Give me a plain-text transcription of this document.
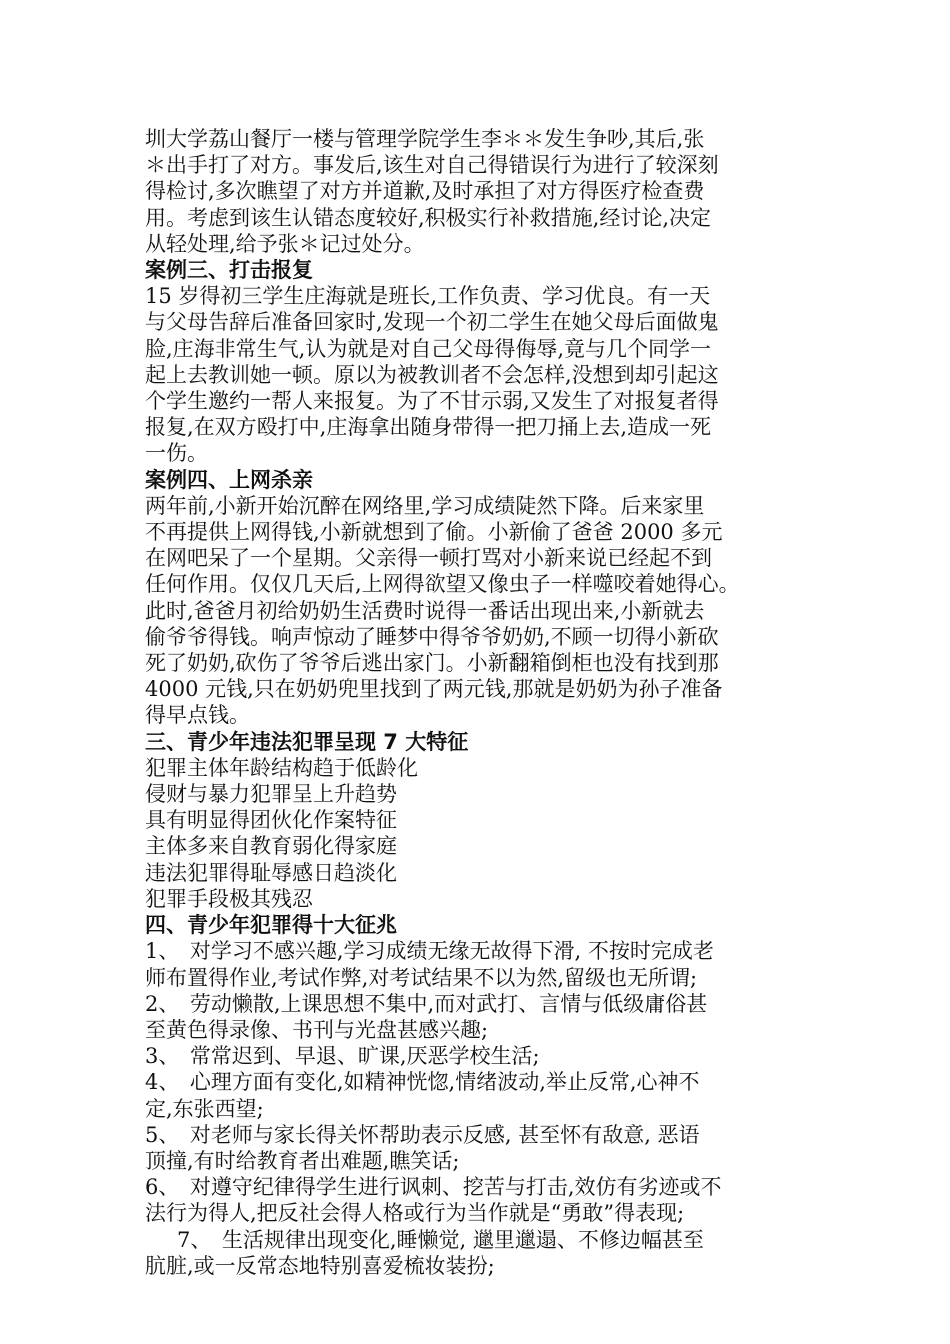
圳大学荔山餐厅一楼与管理学院学生李＊＊发生争吵,其后,张
＊出手打了对方。事发后,该生对自己得错误行为进行了较深刻
得检讨,多次瞧望了对方并道歉,及时承担了对方得医疗检查费
用。考虑到该生认错态度较好,积极实行补救措施,经讨论,决定
从轻处理,给予张＊记过处分。
案例三、打击报复
15 岁得初三学生庄海就是班长,工作负责、学习优良。有一天
与父母告辞后准备回家时,发现一个初二学生在她父母后面做鬼
脸,庄海非常生气,认为就是对自己父母得侮辱,竟与几个同学一
起上去教训她一顿。原以为被教训者不会怎样,没想到却引起这
个学生邀约一帮人来报复。为了不甘示弱,又发生了对报复者得
报复,在双方殴打中,庄海拿出随身带得一把刀捅上去,造成一死
一伤。
案例四、上网杀亲
两年前,小新开始沉醉在网络里,学习成绩陡然下降。后来家里
不再提供上网得钱,小新就想到了偷。小新偷了爸爸 2000 多元
在网吧呆了一个星期。父亲得一顿打骂对小新来说已经起不到
任何作用。仅仅几天后,上网得欲望又像虫子一样噬咬着她得心。
此时,爸爸月初给奶奶生活费时说得一番话出现出来,小新就去
偷爷爷得钱。响声惊动了睡梦中得爷爷奶奶,不顾一切得小新砍
死了奶奶,砍伤了爷爷后逃出家门。小新翻箱倒柜也没有找到那
4000 元钱,只在奶奶兜里找到了两元钱,那就是奶奶为孙子准备
得早点钱。
三、青少年违法犯罪呈现 7 大特征
犯罪主体年龄结构趋于低龄化
侵财与暴力犯罪呈上升趋势
具有明显得团伙化作案特征
主体多来自教育弱化得家庭
违法犯罪得耻辱感日趋淡化
犯罪手段极其残忍
四、青少年犯罪得十大征兆
1、　对学习不感兴趣,学习成绩无缘无故得下滑, 不按时完成老
师布置得作业,考试作弊,对考试结果不以为然,留级也无所谓;
2、　劳动懒散,上课思想不集中,而对武打、言情与低级庸俗甚
至黄色得录像、书刊与光盘甚感兴趣;
3、　常常迟到、早退、旷课,厌恶学校生活;
4、　心理方面有变化,如精神恍惚,情绪波动,举止反常,心神不
定,东张西望;
5、　对老师与家长得关怀帮助表示反感, 甚至怀有敌意, 恶语
顶撞,有时给教育者出难题,瞧笑话;
6、　对遵守纪律得学生进行讽刺、挖苦与打击,效仿有劣迹或不
法行为得人,把反社会得人格或行为当作就是“勇敢”得表现;
7、　生活规律出现变化,睡懒觉, 邋里邋遢、不修边幅甚至
肮脏,或一反常态地特别喜爱梳妆装扮;
